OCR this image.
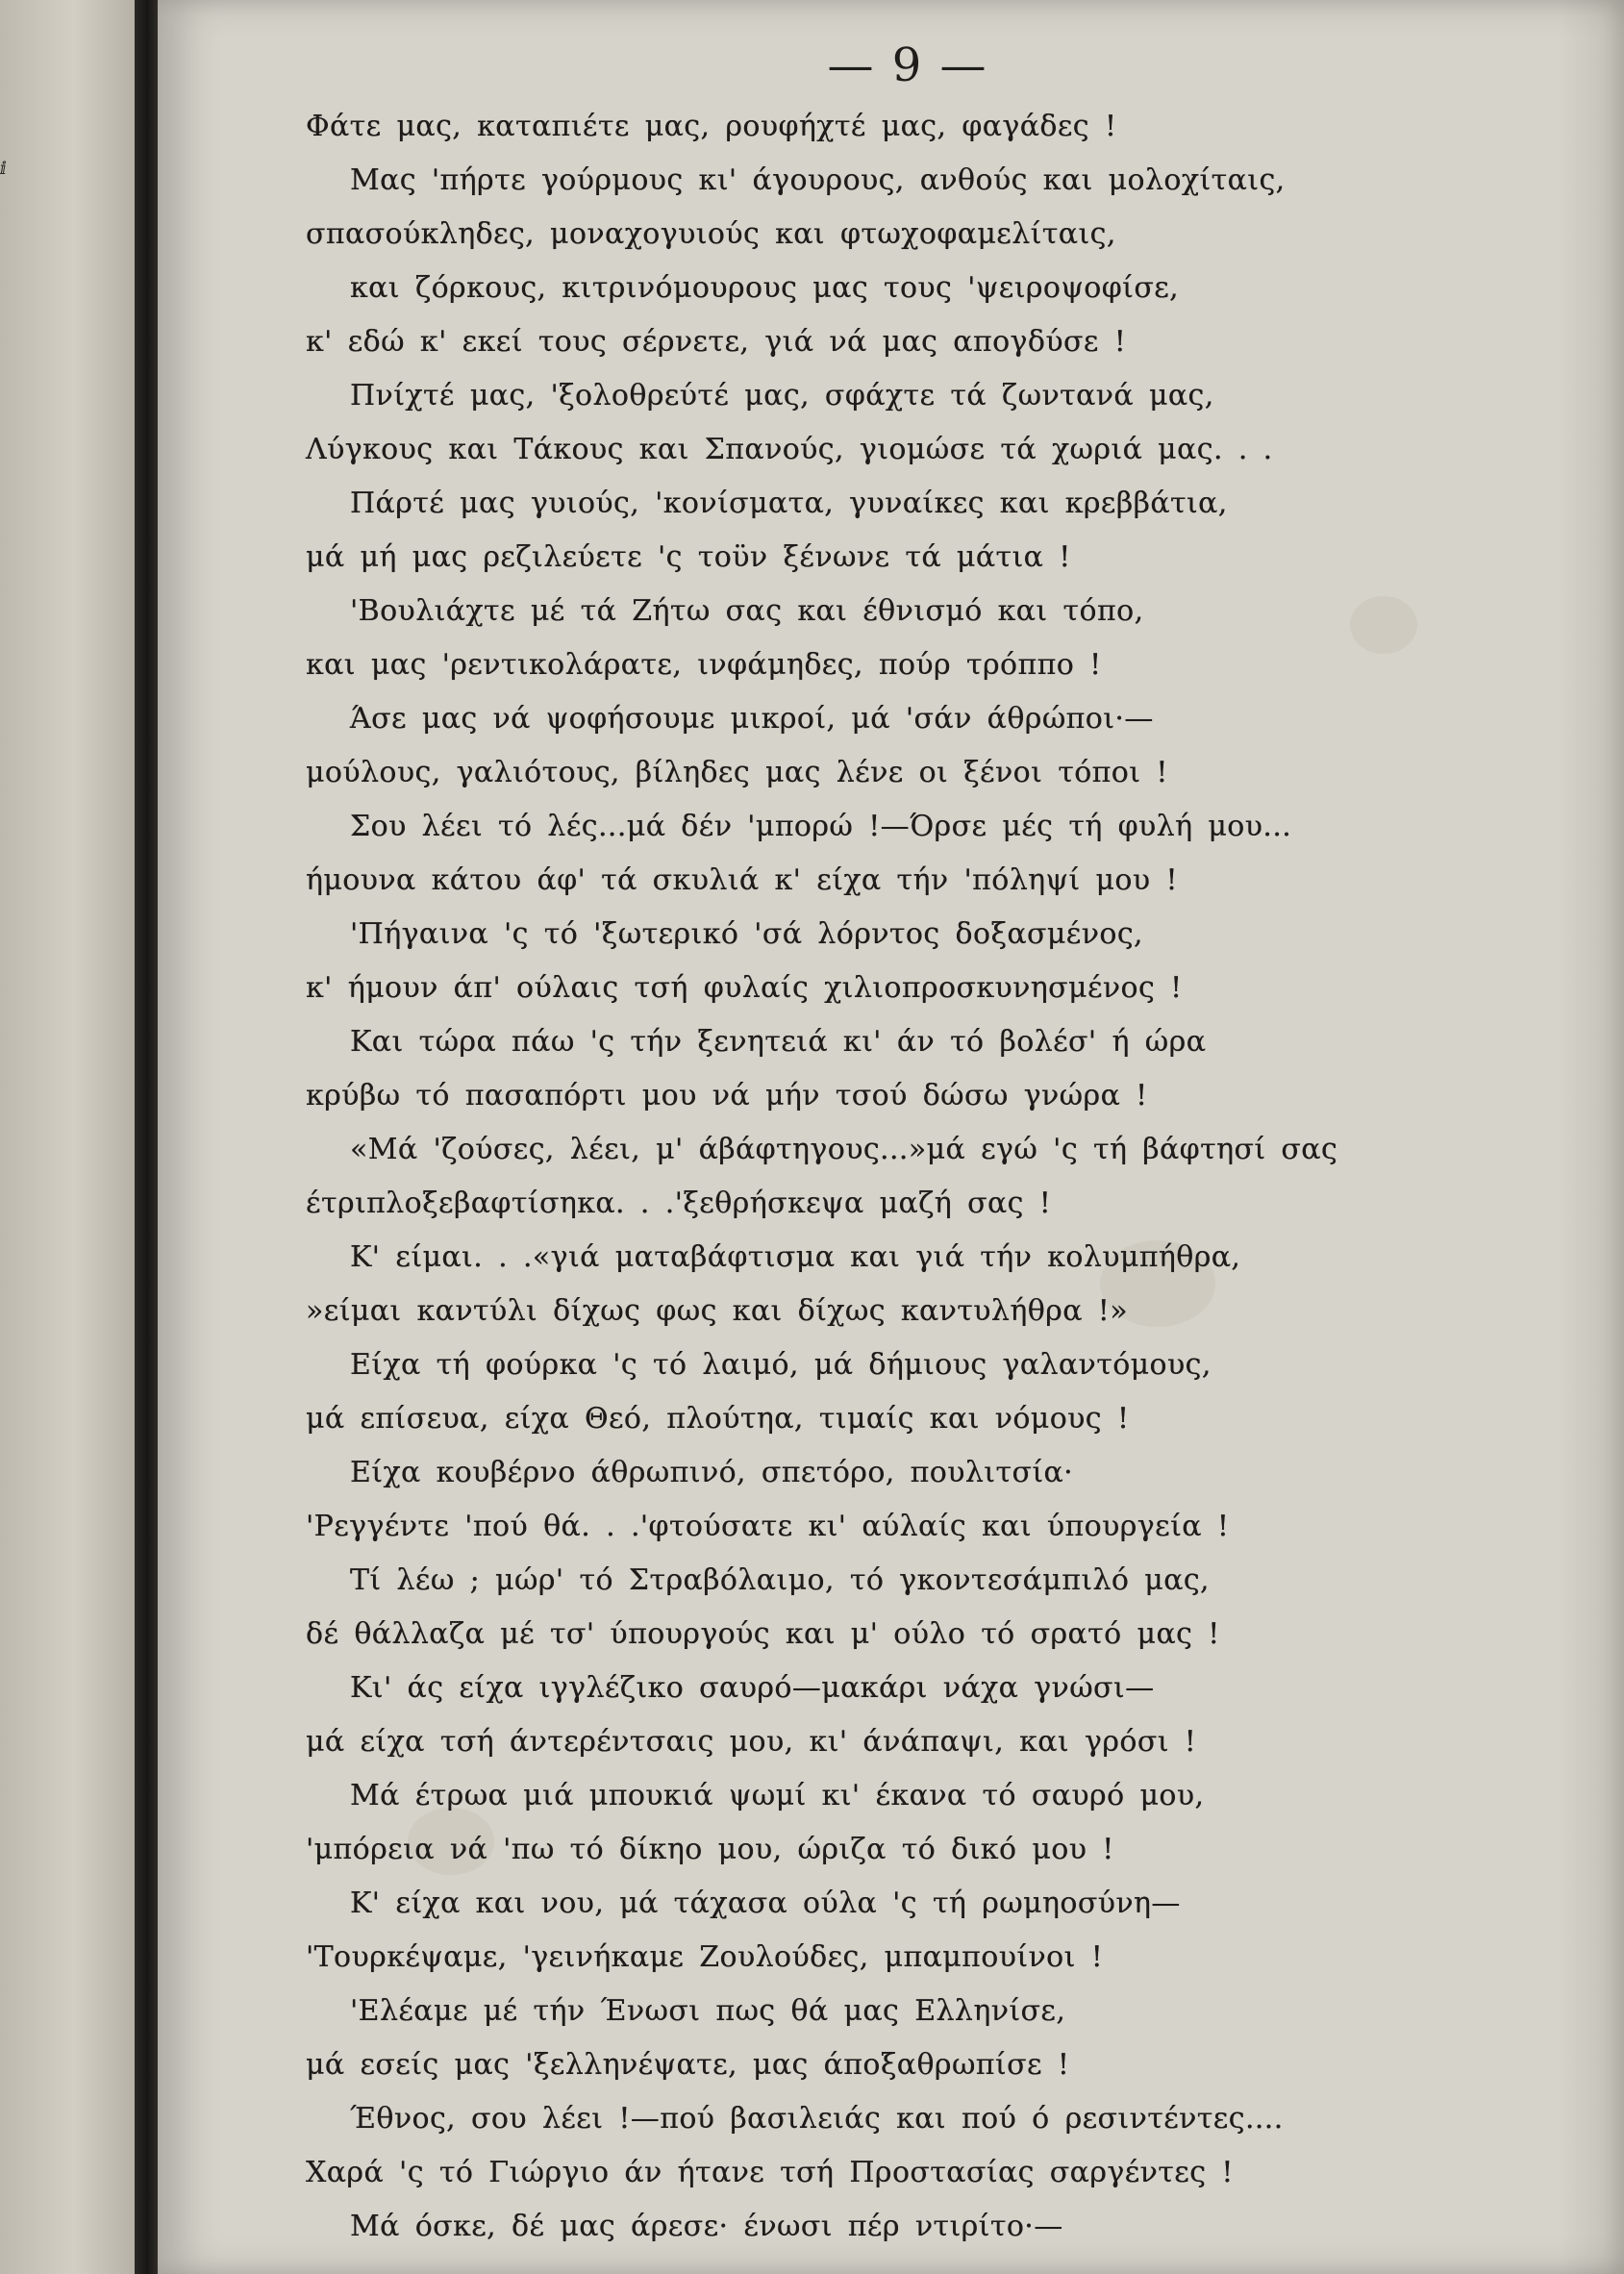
ⅈ
— 9 —
Φάτε μας, καταπιέτε μας, ρουφήχτέ μας, φαγάδες !
Μας 'πήρτε γούρμους κι' άγουρους, ανθούς και μολοχίταις,
σπασούκληδες, μοναχογυιούς και φτωχοφαμελίταις,
και ζόρκους, κιτρινόμουρους μας τους 'ψειροψοφίσε,
κ' εδώ κ' εκεί τους σέρνετε, γιά νά μας απογδύσε !
Πνίχτέ μας, 'ξολοθρεύτέ μας, σφάχτε τά ζωντανά μας,
Λύγκους και Τάκους και Σπανούς, γιομώσε τά χωριά μας. . .
Πάρτέ μας γυιούς, 'κονίσματα, γυναίκες και κρεββάτια,
μά μή μας ρεζιλεύετε 'ς τοϋν ξένωνε τά μάτια !
'Βουλιάχτε μέ τά Ζήτω σας και έθνισμό και τόπο,
και μας 'ρεντικολάρατε, ινφάμηδες, πούρ τρόππο !
Άσε μας νά ψοφήσουμε μικροί, μά 'σάν άθρώποι·—
μούλους, γαλιότους, βίληδες μας λένε οι ξένοι τόποι !
Σου λέει τό λές...μά δέν 'μπορώ !—Όρσε μές τή φυλή μου...
ήμουνα κάτου άφ' τά σκυλιά κ' είχα τήν 'πόληψί μου !
'Πήγαινα 'ς τό 'ξωτερικό 'σά λόρντος δοξασμένος,
κ' ήμουν άπ' ούλαις τσή φυλαίς χιλιοπροσκυνησμένος !
Και τώρα πάω 'ς τήν ξενητειά κι' άν τό βολέσ' ή ώρα
κρύβω τό πασαπόρτι μου νά μήν τσού δώσω γνώρα !
«Μά 'ζούσες, λέει, μ' άβάφτηγους...»μά εγώ 'ς τή βάφτησί σας
έτριπλοξεβαφτίσηκα. . .'ξεθρήσκεψα μαζή σας !
Κ' είμαι. . .«γιά ματαβάφτισμα και γιά τήν κολυμπήθρα,
»είμαι καντύλι δίχως φως και δίχως καντυλήθρα !»
Είχα τή φούρκα 'ς τό λαιμό, μά δήμιους γαλαντόμους,
μά επίσευα, είχα Θεό, πλούτηα, τιμαίς και νόμους !
Είχα κουβέρνο άθρωπινό, σπετόρο, πουλιτσία·
'Ρεγγέντε 'πού θά. . .'φτούσατε κι' αύλαίς και ύπουργεία !
Τί λέω ; μώρ' τό Στραβόλαιμο, τό γκοντεσάμπιλό μας,
δέ θάλλαζα μέ τσ' ύπουργούς και μ' ούλο τό σρατό μας !
Κι' άς είχα ιγγλέζικο σαυρό—μακάρι νάχα γνώσι—
μά είχα τσή άντερέντσαις μου, κι' άνάπαψι, και γρόσι !
Μά έτρωα μιά μπουκιά ψωμί κι' έκανα τό σαυρό μου,
'μπόρεια νά 'πω τό δίκηο μου, ώριζα τό δικό μου !
Κ' είχα και νου, μά τάχασα ούλα 'ς τή ρωμηοσύνη—
'Τουρκέψαμε, 'γεινήκαμε Ζουλούδες, μπαμπουίνοι !
'Ελέαμε μέ τήν Ένωσι πως θά μας Ελληνίσε,
μά εσείς μας 'ξελληνέψατε, μας άποξαθρωπίσε !
Έθνος, σου λέει !—πού βασιλειάς και πού ό ρεσιντέντες....
Χαρά 'ς τό Γιώργιο άν ήτανε τσή Προστασίας σαργέντες !
Μά όσκε, δέ μας άρεσε· ένωσι πέρ ντιρίτο·—
